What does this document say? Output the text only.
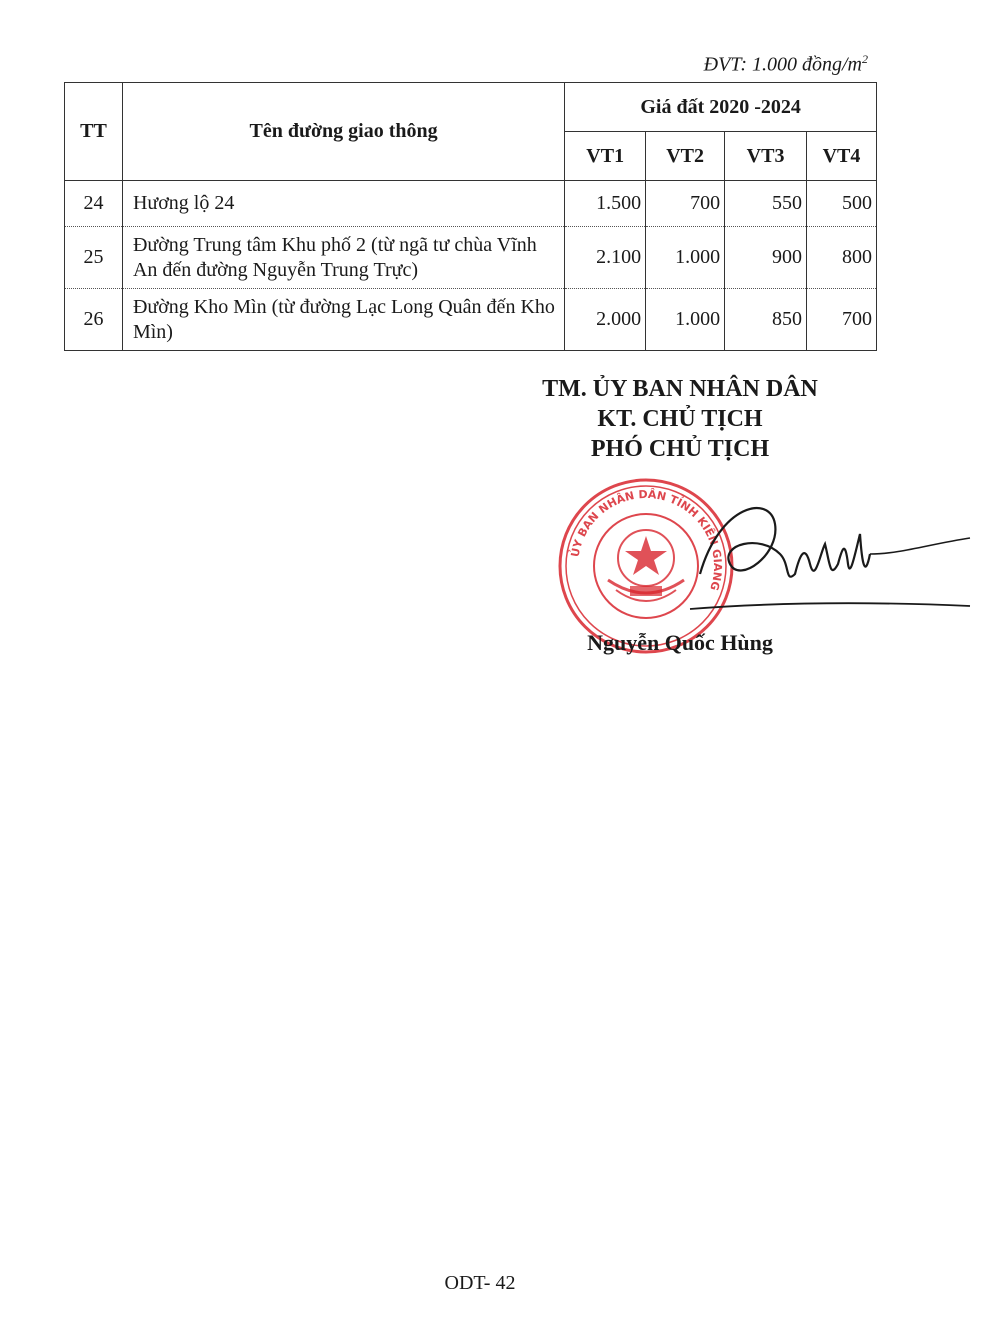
ĐVT: 1.000 đồng/$m^2$
TT	Tên đường giao thông	Giá đất 2020 -2024			
		VT1	VT2	VT3	VT4
24	Hương lộ 24	1.500	700	550	500
25	Đường Trung tâm Khu phố 2 (từ ngã tư chùa Vĩnh An đến đường Nguyễn Trung Trực)	2.100	1.000	900	800
26	Đường Kho Mìn (từ đường Lạc Long Quân đến Kho Mìn)	2.000	1.000	850	700
TM. ỦY BAN NHÂN DÂN
KT. CHỦ TỊCH
PHÓ CHỦ TỊCH
ỦY BAN NHÂN DÂN TỈNH KIÊN GIANG
Nguyễn Quốc Hùng
ODT- 42
